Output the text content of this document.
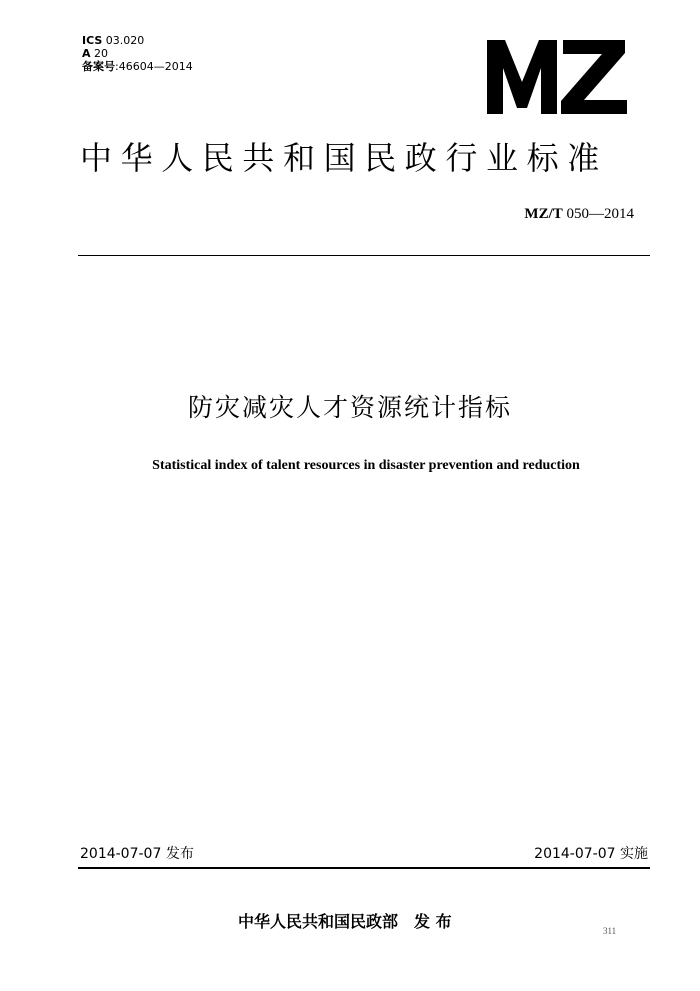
ICS 03.020
A 20
备案号:46604—2014
中华人民共和国民政行业标准
MZ/T 050—2014
防灾减灾人才资源统计指标
Statistical index of talent resources in disaster prevention and reduction
2014-07-07 发布	2014-07-07 实施
中华人民共和国民政部 发 布	311
